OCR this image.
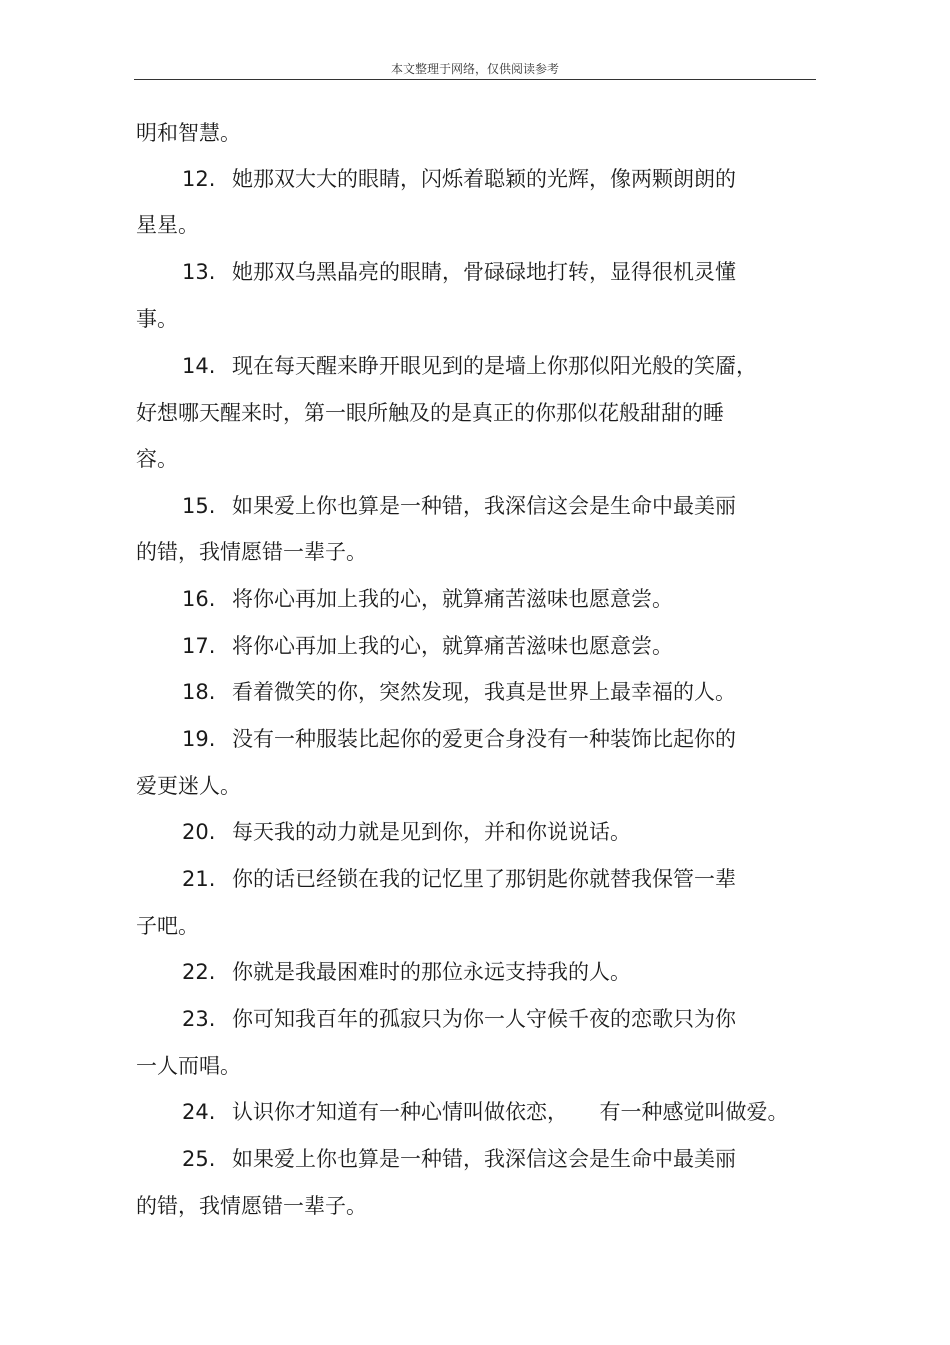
本文整理于网络，仅供阅读参考
明和智慧。
12. 她那双大大的眼睛，闪烁着聪颖的光辉，像两颗朗朗的
星星。
13. 她那双乌黑晶亮的眼睛，骨碌碌地打转，显得很机灵懂
事。
14. 现在每天醒来睁开眼见到的是墙上你那似阳光般的笑靥，
好想哪天醒来时，第一眼所触及的是真正的你那似花般甜甜的睡
容。
15. 如果爱上你也算是一种错，我深信这会是生命中最美丽
的错，我情愿错一辈子。
16. 将你心再加上我的心，就算痛苦滋味也愿意尝。
17. 将你心再加上我的心，就算痛苦滋味也愿意尝。
18. 看着微笑的你，突然发现，我真是世界上最幸福的人。
19. 没有一种服装比起你的爱更合身没有一种装饰比起你的
爱更迷人。
20. 每天我的动力就是见到你，并和你说说话。
21. 你的话已经锁在我的记忆里了那钥匙你就替我保管一辈
子吧。
22. 你就是我最困难时的那位永远支持我的人。
23. 你可知我百年的孤寂只为你一人守候千夜的恋歌只为你
一人而唱。
24. 认识你才知道有一种心情叫做依恋，　　有一种感觉叫做爱。
25. 如果爱上你也算是一种错，我深信这会是生命中最美丽
的错，我情愿错一辈子。
